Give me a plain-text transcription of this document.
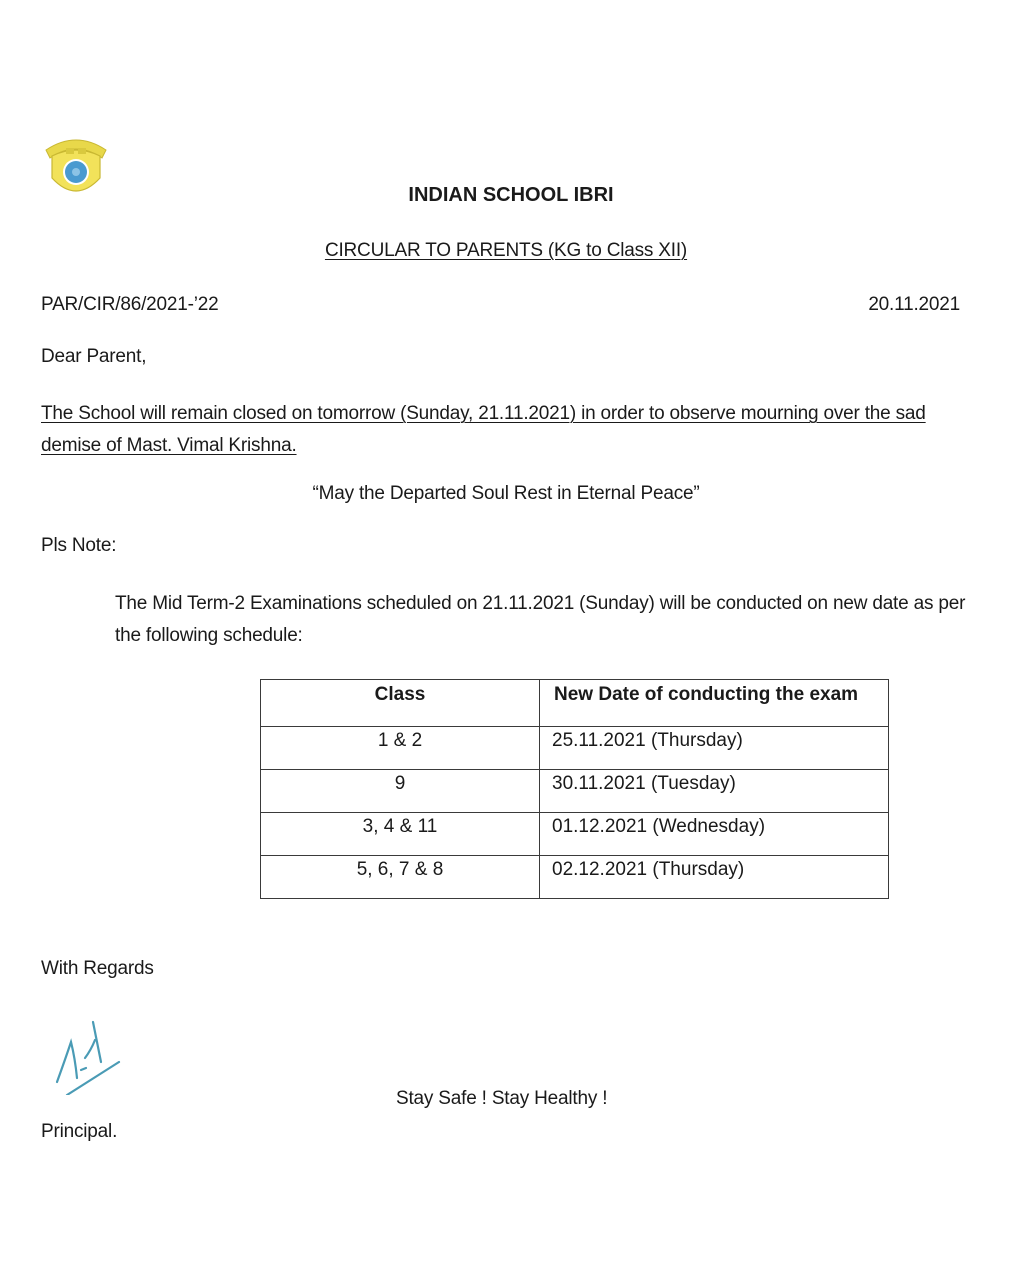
INDIAN SCHOOL IBRI
CIRCULAR TO PARENTS (KG to Class XII)
PAR/CIR/86/2021-’22	20.11.2021
Dear Parent,
The School will remain closed on tomorrow (Sunday, 21.11.2021) in order to observe mourning over the sad demise of Mast. Vimal Krishna.
“May the Departed Soul Rest in Eternal Peace”
Pls Note:
The Mid Term-2 Examinations scheduled on 21.11.2021 (Sunday) will be conducted on new date as per the following schedule:
Class	New Date of conducting the exam
1 & 2	25.11.2021 (Thursday)
9	30.11.2021 (Tuesday)
3, 4 & 11	01.12.2021 (Wednesday)
5, 6, 7 & 8	02.12.2021 (Thursday)
With Regards
Stay Safe ! Stay Healthy !
Principal.
